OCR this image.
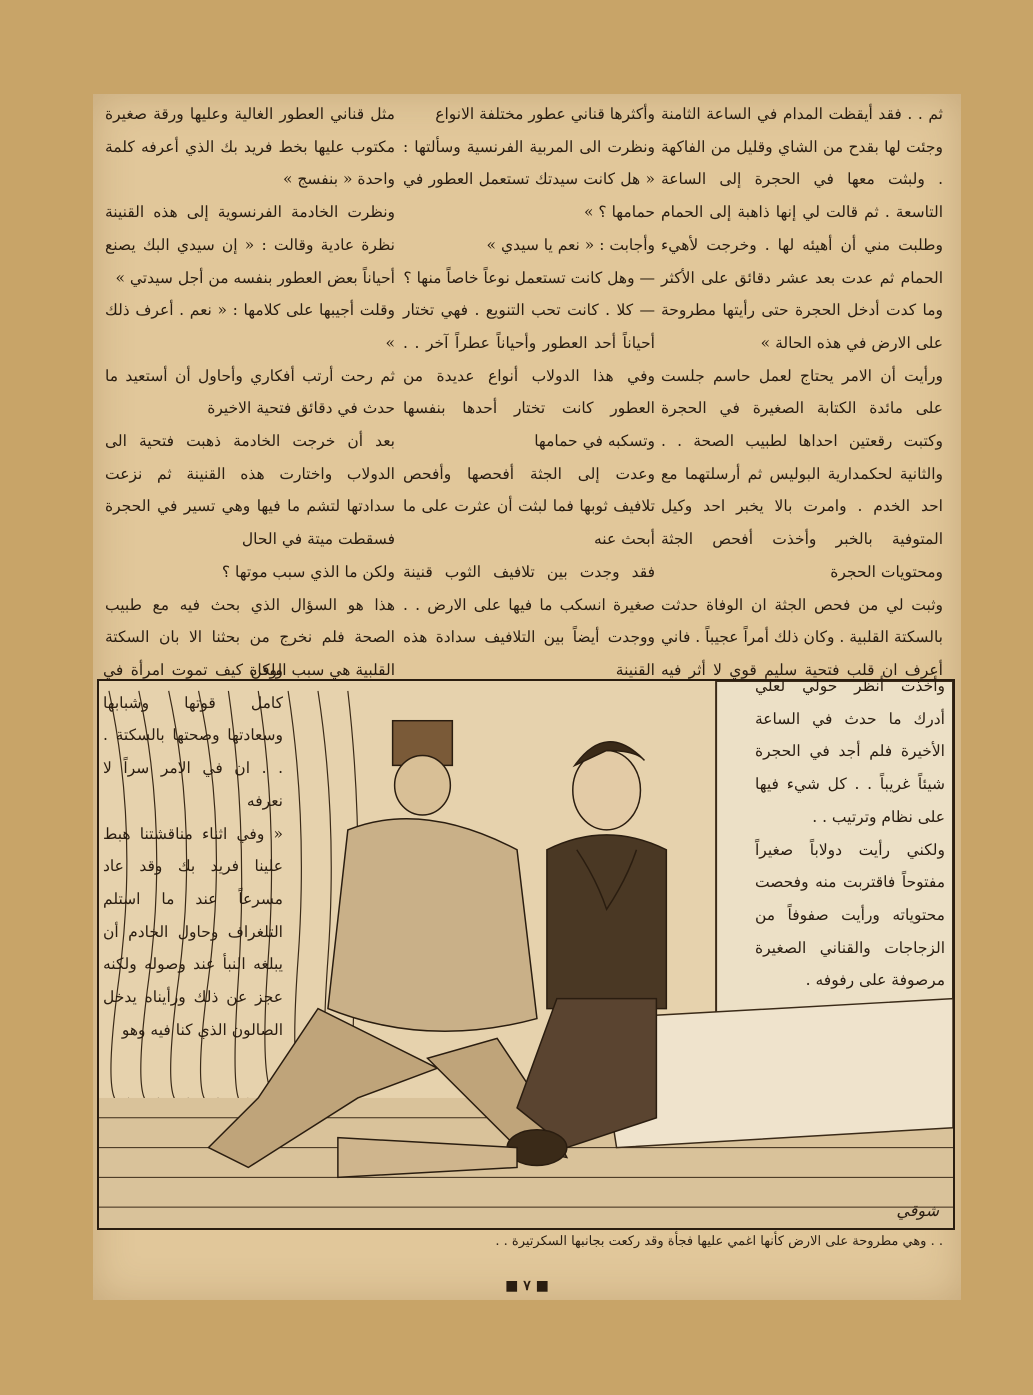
ثم . . فقد أيقظت المدام في الساعة الثامنة وجئت لها بقدح من الشاي وقليل من الفاكهة . ولبثت معها في الحجرة إلى الساعة التاسعة . ثم قالت لي إنها ذاهبة إلى الحمام وطلبت مني أن أهيئه لها . وخرجت لأهيء الحمام ثم عدت بعد عشر دقائق على الأكثر وما كدت أدخل الحجرة حتى رأيتها مطروحة على الارض في هذه الحالة »

ورأيت أن الامر يحتاج لعمل حاسم جلست على مائدة الكتابة الصغيرة في الحجرة وكتبت رقعتين احداها لطبيب الصحة . . والثانية لحكمدارية البوليس ثم أرسلتهما مع احد الخدم . وامرت بالا يخبر احد وكيل المتوفية بالخبر وأخذت أفحص الجثة ومحتويات الحجرة

وثبت لي من فحص الجثة ان الوفاة حدثت بالسكتة القلبية . وكان ذلك أمراً عجيباً . فاني أعرف ان قلب فتحية سليم قوي لا أثر فيه

وأكثرها قناني عطور مختلفة الانواع

ونظرت الى المربية الفرنسية وسألتها : « هل كانت سيدتك تستعمل العطور في حمامها ؟ »

وأجابت : « نعم يا سيدي »

— وهل كانت تستعمل نوعاً خاصاً منها ؟

— كلا . كانت تحب التنويع . فهي تختار أحياناً أحد العطور وأحياناً عطراً آخر . . وفي هذا الدولاب أنواع عديدة من العطور كانت تختار أحدها بنفسها وتسكبه في حمامها

وعدت إلى الجثة أفحصها وأفحص تلافيف ثوبها فما لبثت أن عثرت على ما أبحث عنه

فقد وجدت بين تلافيف الثوب قنينة صغيرة انسكب ما فيها على الارض . . ووجدت أيضاً بين التلافيف سدادة هذه القنينة

مثل قناني العطور الغالية وعليها ورقة صغيرة مكتوب عليها بخط فريد بك الذي أعرفه كلمة واحدة « بنفسج »

ونظرت الخادمة الفرنسوية إلى هذه القنينة نظرة عادية وقالت : « إن سيدي البك يصنع أحياناً بعض العطور بنفسه من أجل سيدتي »

وقلت أجيبها على كلامها : « نعم . أعرف ذلك »

ثم رحت أرتب أفكاري وأحاول أن أستعيد ما حدث في دقائق فتحية الاخيرة

بعد أن خرجت الخادمة ذهبت فتحية الى الدولاب واختارت هذه القنينة ثم نزعت سدادتها لتشم ما فيها وهي تسير في الحجرة فسقطت ميتة في الحال

ولكن ما الذي سبب موتها ؟

هذا هو السؤال الذي بحث فيه مع طبيب الصحة فلم نخرج من بحثنا الا بان السكتة القلبية هي سبب الوفاة

شوقي

ولكن كيف تموت امرأة في كامل قوتها وشبابها وسعادتها وصحتها بالسكتة . . . ان في الامر سراً لا نعرفه

« وفي اثناء مناقشتنا هبط علينا فريد بك وقد عاد مسرعاً عند ما استلم التلغراف وحاول الخادم أن يبلغه النبأ عند وصوله ولكنه عجز عن ذلك ورأيناه يدخل الصالون الذي كنا فيه وهو

وأخذت أنظر حولي لعلي أدرك ما حدث في الساعة الأخيرة فلم أجد في الحجرة شيئاً غريباً . . كل شيء فيها على نظام وترتيب . .

ولكني رأيت دولاباً صغيراً مفتوحاً فاقتربت منه وفحصت محتوياته ورأيت صفوفاً من الزجاجات والقناني الصغيرة مرصوفة على رفوفه .

. . وهي مطروحة على الارض كأنها اغمي عليها فجأة وقد ركعت بجانبها السكرتيرة . .
■ ٧ ■
